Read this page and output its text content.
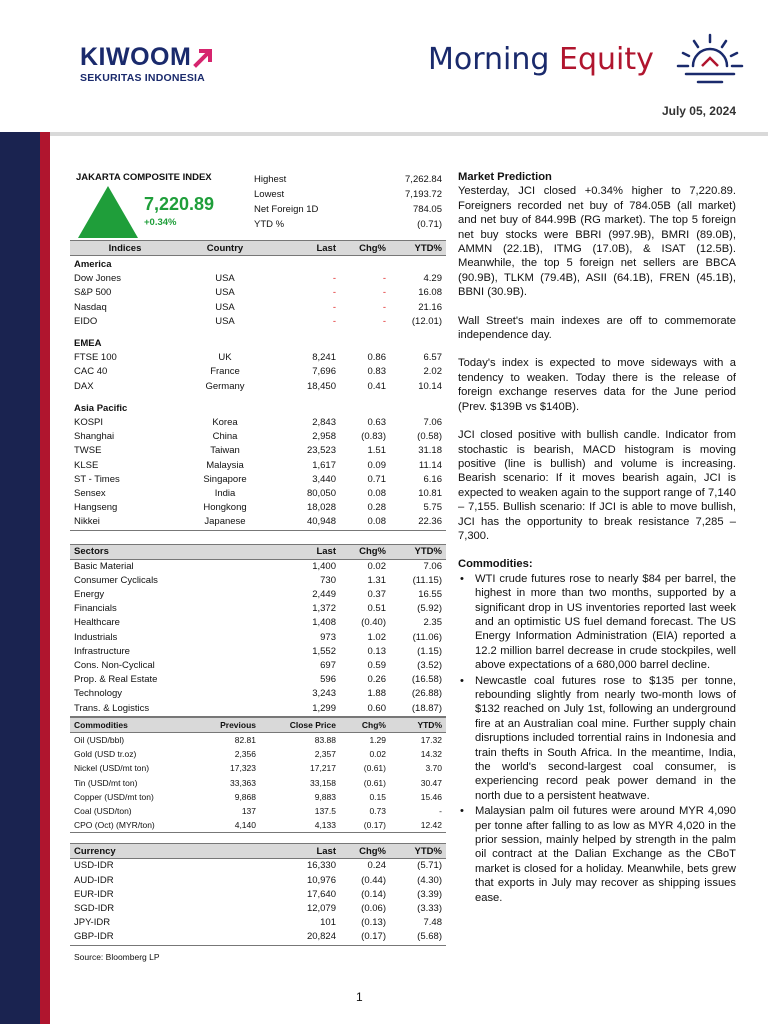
KIWOOM
SEKURITAS INDONESIA
Morning Equity
July 05, 2024
JAKARTA COMPOSITE INDEX
7,220.89
+0.34%
Highest	7,262.84
Lowest	7,193.72
Net Foreign 1D	784.05
YTD %	(0.71)
Indices	Country	Last	Chg%	YTD%
America				
Dow Jones	USA	-	-	4.29
S&P 500	USA	-	-	16.08
Nasdaq	USA	-	-	21.16
EIDO	USA	-	-	(12.01)

EMEA				
FTSE 100	UK	8,241	0.86	6.57
CAC 40	France	7,696	0.83	2.02
DAX	Germany	18,450	0.41	10.14

Asia Pacific				
KOSPI	Korea	2,843	0.63	7.06
Shanghai	China	2,958	(0.83)	(0.58)
TWSE	Taiwan	23,523	1.51	31.18
KLSE	Malaysia	1,617	0.09	11.14
ST - Times	Singapore	3,440	0.71	6.16
Sensex	India	80,050	0.08	10.81
Hangseng	Hongkong	18,028	0.28	5.75
Nikkei	Japanese	40,948	0.08	22.36
Sectors	Last	Chg%	YTD%
Basic Material	1,400	0.02	7.06
Consumer Cyclicals	730	1.31	(11.15)
Energy	2,449	0.37	16.55
Financials	1,372	0.51	(5.92)
Healthcare	1,408	(0.40)	2.35
Industrials	973	1.02	(11.06)
Infrastructure	1,552	0.13	(1.15)
Cons. Non-Cyclical	697	0.59	(3.52)
Prop. & Real Estate	596	0.26	(16.58)
Technology	3,243	1.88	(26.88)
Trans. & Logistics	1,299	0.60	(18.87)
Commodities	Previous	Close Price	Chg%	YTD%
Oil (USD/bbl)	82.81	83.88	1.29	17.32
Gold (USD tr.oz)	2,356	2,357	0.02	14.32
Nickel (USD/mt ton)	17,323	17,217	(0.61)	3.70
Tin (USD/mt ton)	33,363	33,158	(0.61)	30.47
Copper (USD/mt ton)	9,868	9,883	0.15	15.46
Coal (USD/ton)	137	137.5	0.73	-
CPO (Oct) (MYR/ton)	4,140	4,133	(0.17)	12.42
Currency	Last	Chg%	YTD%
USD-IDR	16,330	0.24	(5.71)
AUD-IDR	10,976	(0.44)	(4.30)
EUR-IDR	17,640	(0.14)	(3.39)
SGD-IDR	12,079	(0.06)	(3.33)
JPY-IDR	101	(0.13)	7.48
GBP-IDR	20,824	(0.17)	(5.68)
Source: Bloomberg LP

Market Prediction

Yesterday, JCI closed +0.34% higher to 7,220.89. Foreigners recorded net buy of 784.05B (all market) and net buy of 844.99B (RG market). The top 5 foreign net buy stocks were BBRI (997.9B), BMRI (89.0B), AMMN (22.1B), ITMG (17.0B), & ISAT (12.5B). Meanwhile, the top 5 foreign net sellers are BBCA (90.9B), TLKM (79.4B), ASII (64.1B), FREN (45.1B), BBNI (30.9B).

Wall Street's main indexes are off to commemorate independence day.

Today's index is expected to move sideways with a tendency to weaken. Today there is the release of foreign exchange reserves data for the June period (Prev. $139B vs $140B).

JCI closed positive with bullish candle. Indicator from stochastic is bearish, MACD histogram is moving positive (line is bullish) and volume is increasing. Bearish scenario: If it moves bearish again, JCI is expected to weaken again to the support range of 7,140 – 7,155. Bullish scenario: If JCI is able to move bullish, JCI has the opportunity to break resistance 7,285 – 7,300.

Commodities:

• WTI crude futures rose to nearly $84 per barrel, the highest in more than two months, supported by a significant drop in US inventories reported last week and an optimistic US fuel demand forecast. The US Energy Information Administration (EIA) reported a 12.2 million barrel decrease in crude stockpiles, well above expectations of a 680,000 barrel decline.
• Newcastle coal futures rose to $135 per tonne, rebounding slightly from nearly two-month lows of $132 reached on July 1st, following an underground fire at an Australian coal mine. Further supply chain disruptions included torrential rains in Indonesia and train thefts in South Africa. In the meantime, India, the world's second-largest coal consumer, is experiencing record peak power demand in the north due to a persistent heatwave.
• Malaysian palm oil futures were around MYR 4,090 per tonne after falling to as low as MYR 4,020 in the prior session, mainly helped by strength in the palm oil contract at the Dalian Exchange as the CBoT market is closed for a holiday. Meanwhile, bets grew that exports in July may recover as shipping issues ease.
1
